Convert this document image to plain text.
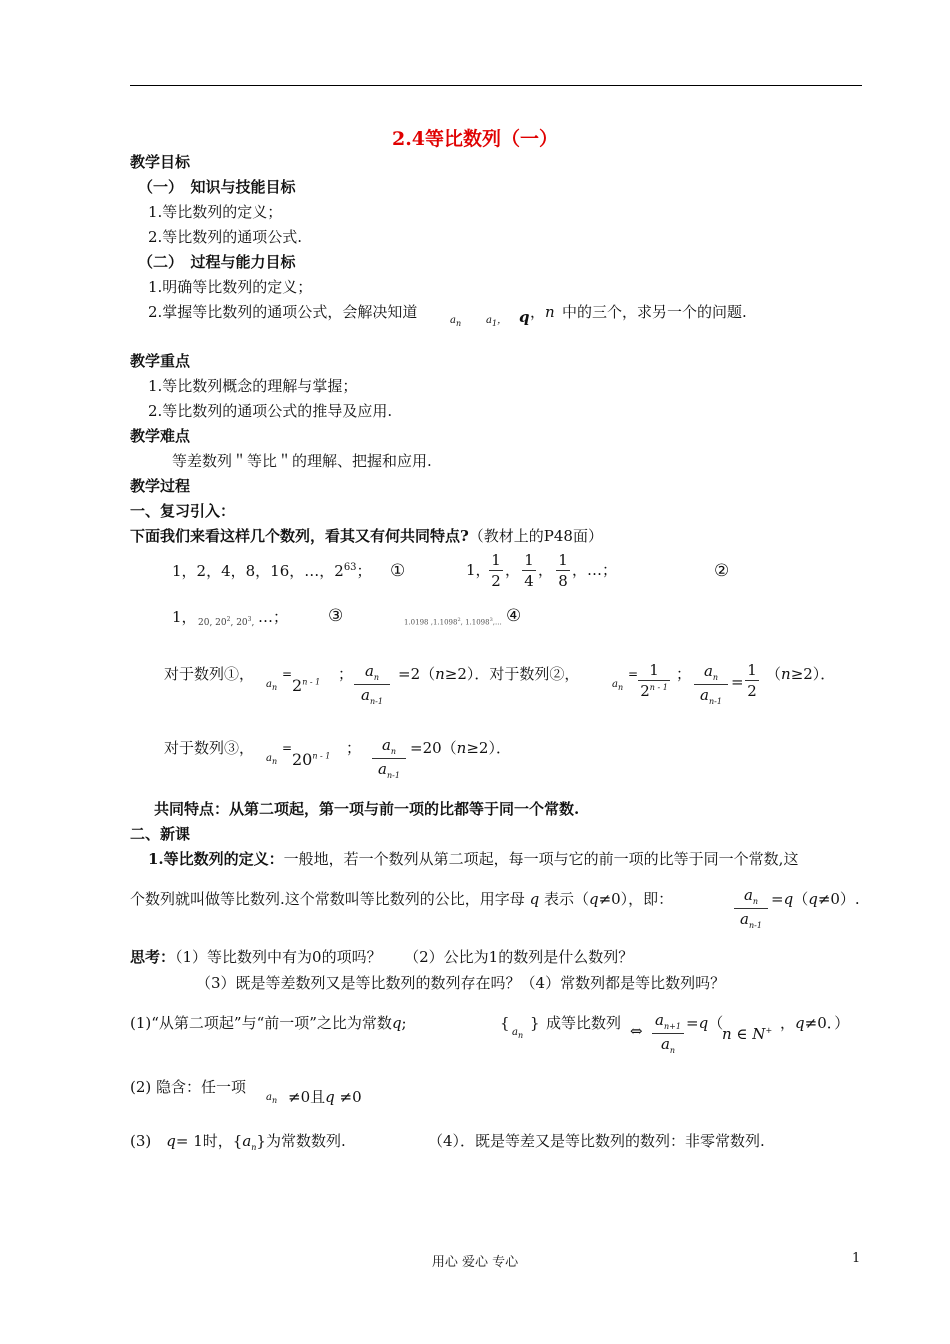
2.4等比数列（一）
教学目标
（一）　知识与技能目标
1.等比数列的定义；
2.等比数列的通项公式.
（二）　过程与能力目标
1.明确等比数列的定义；
2.掌握等比数列的通项公式，会解决知道	$a_n$ $a_1$， q ，n 中的三个，求另一个的问题.
教学重点
1.等比数列概念的理解与掌握；
2.等比数列的通项公式的推导及应用.
教学难点
等差数列＂等比＂的理解、把握和应用.
教学过程
一、复习引入：
下面我们来看这样几个数列，看其又有何共同特点?（教材上的P48面）
1，2，4，8，16，…，$2^{63}$； ①	1，
1
2
，
1
4
，
1
8
，…；	②
1， 20, $20^2$, $20^3$, …； ③	1.0198 ,1.1098$^2$, 1.1098$^3$,... ④
对于数列①，
$a_n$
=
$2^{n - 1}$ ； $a_n$
$a_{n-1}$
=2（n≥2）．对于数列②，
$a_n$
= 1
2$^{n - 1}$
； $a_n$
$a_{n-1}$
=
1
2
（n≥2）．
对于数列③，
$a_n$
=
$20^{n - 1}$ ；	$a_n$
$a_{n-1}$
=20（n≥2）．
共同特点：从第二项起，第一项与前一项的比都等于同一个常数.
二、新课
1.等比数列的定义：一般地，若一个数列从第二项起，每一项与它的前一项的比等于同一个常数,这
个数列就叫做等比数列.这个常数叫等比数列的公比，用字母 q 表示（q≠0），即：	$a_n$
$a_{n-1}$
=q（q≠0）.
思考：（1）等比数列中有为0的项吗？　　（2）公比为1的数列是什么数列？
（3）既是等差数列又是等比数列的数列存在吗？（4）常数列都是等比数列吗？
(1)“从第二项起”与“前一项”之比为常数q;	{
$a_n$
} 成等比数列 ⇔
$a_{n+1}$
$a_n$
=q（
n ∈ N+ ，q≠0．）
(2) 隐含：任一项
$a_n \ne 0$且q ≠0
(3)　 q= 1时，$\{a_n\}$为常数数列.	（4）．既是等差又是等比数列的数列：非零常数列.
用心 爱心 专心	1
